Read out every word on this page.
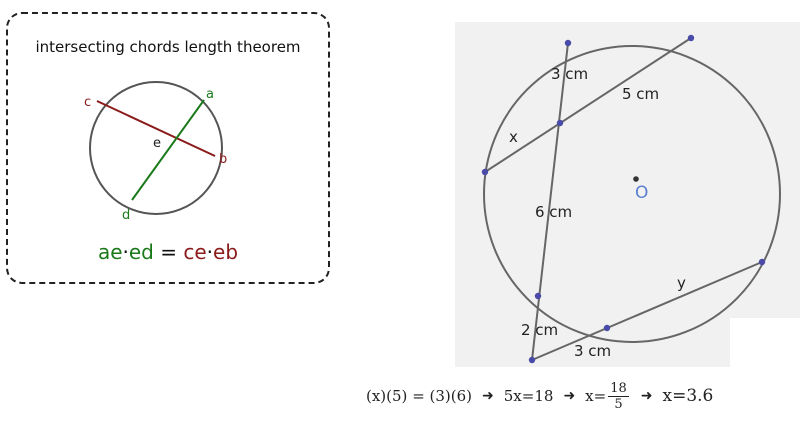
c
a
e
b
d
intersecting chords length theorem
ae·ed = ce·eb
3 cm
5 cm
x
6 cm
O
y
2 cm
3 cm
(x)(5) = (3)(6) ➜ 5x=18 ➜ $x= \frac{18}{5}$ ➜ x=3.6
